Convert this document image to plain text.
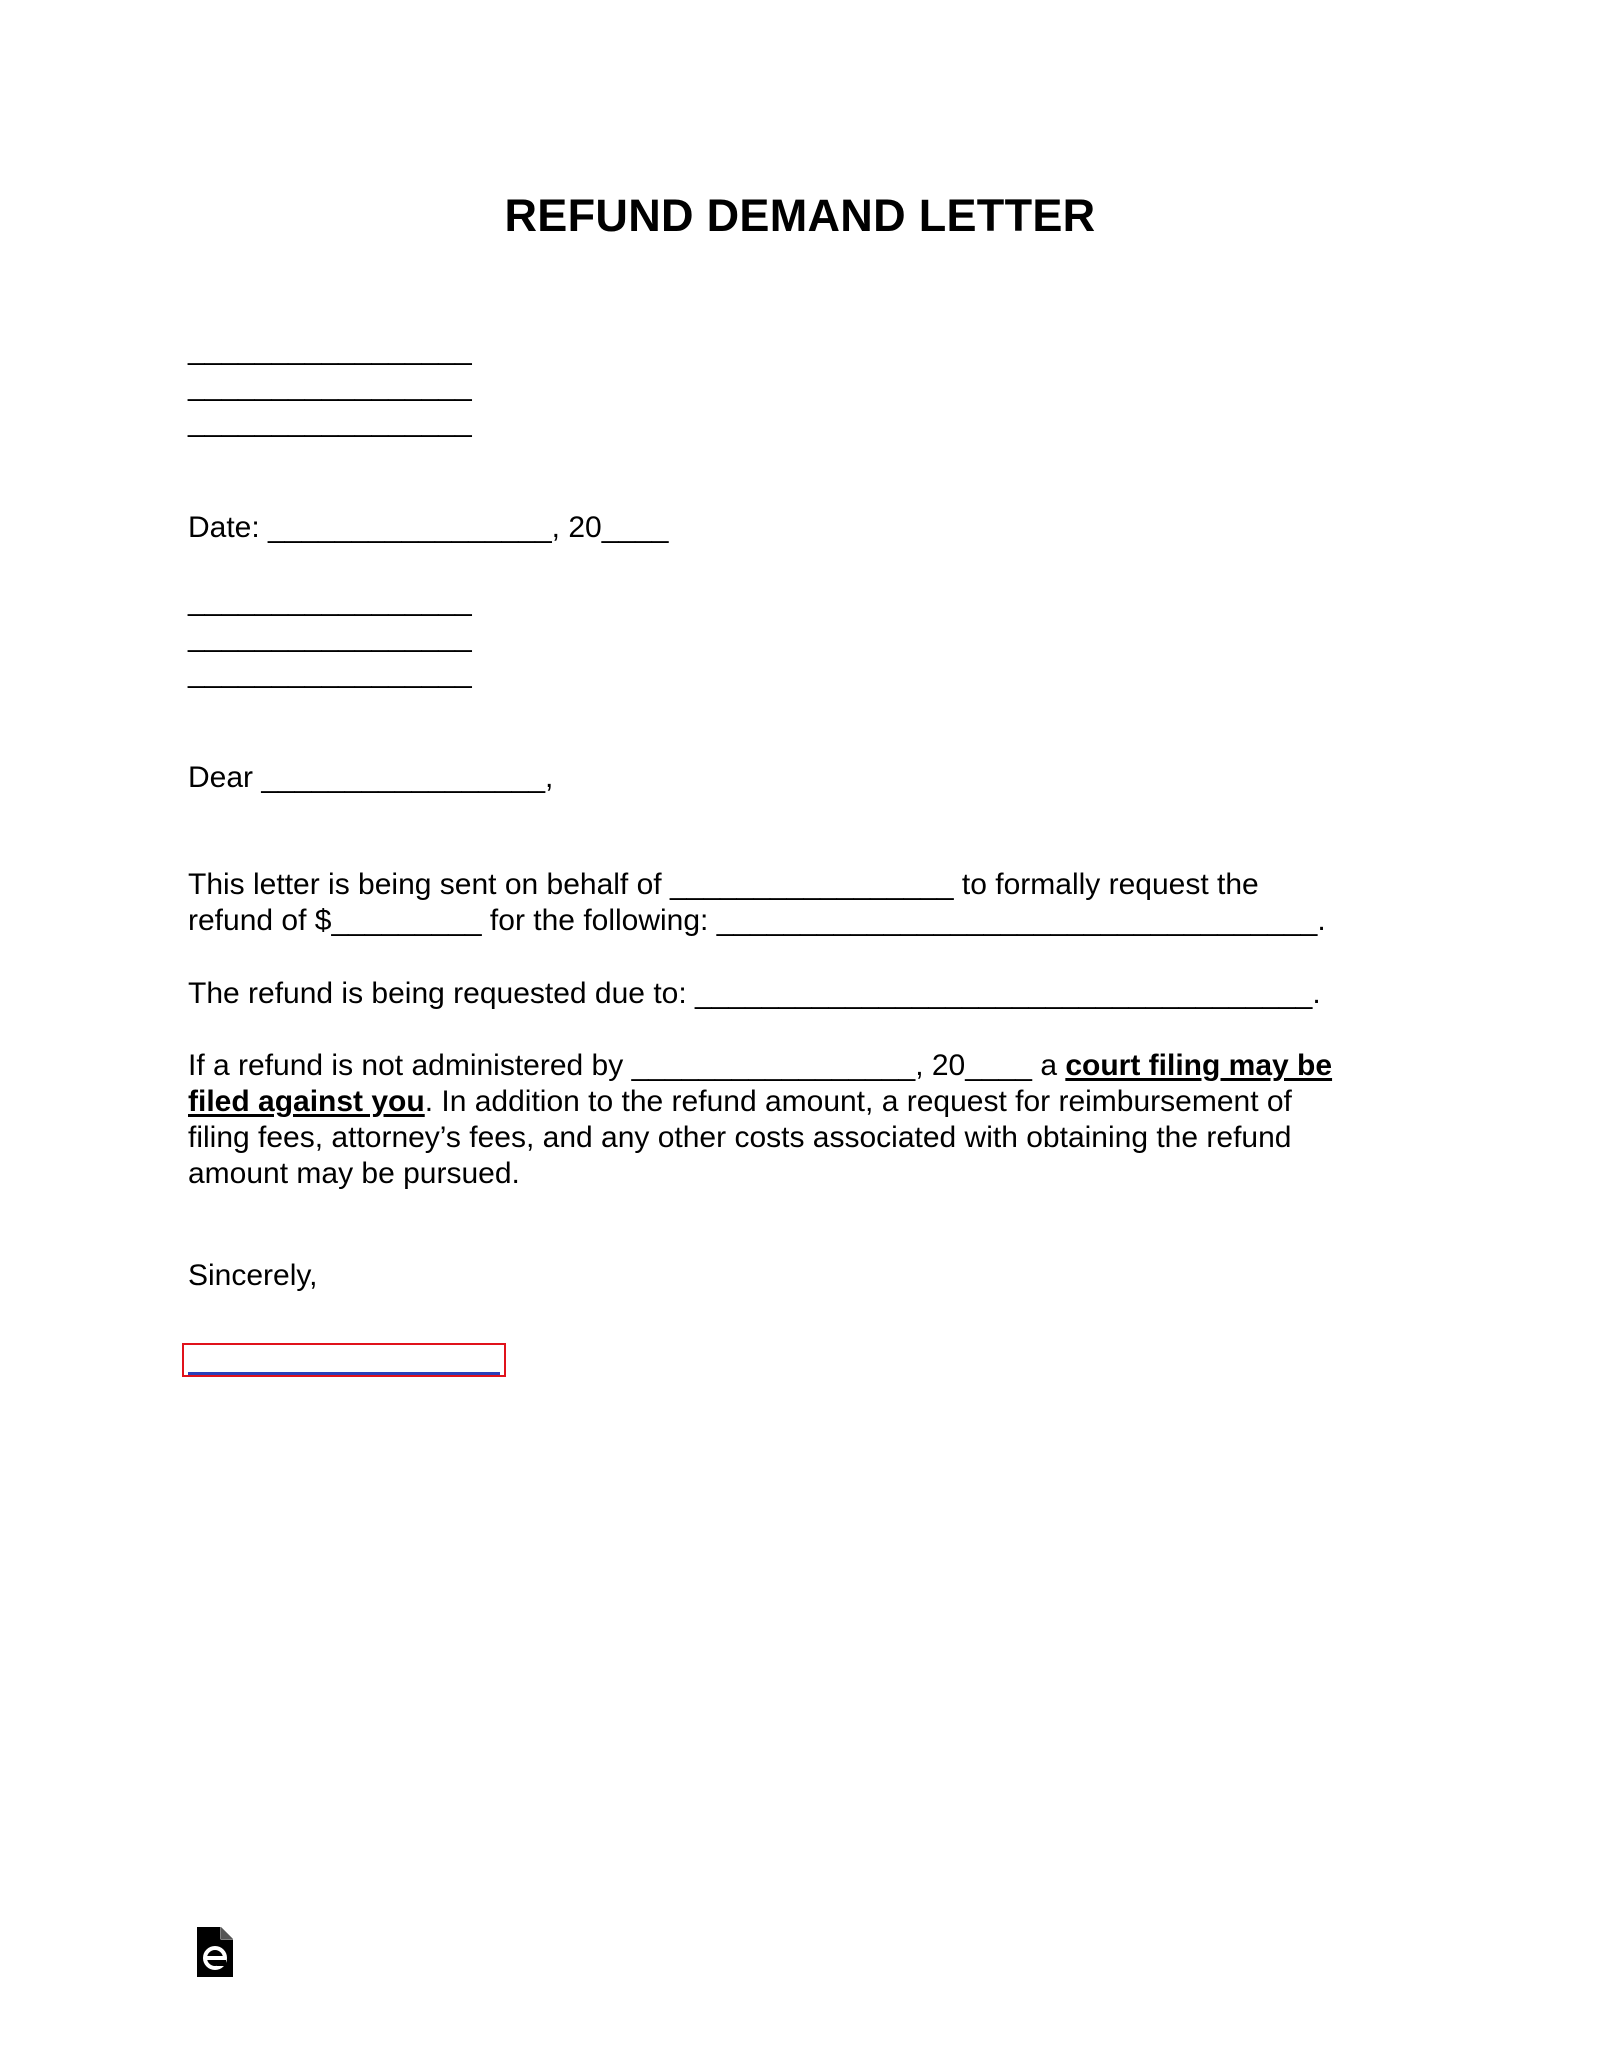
REFUND DEMAND LETTER
_________________
_________________
_________________
Date: _________________, 20____
_________________
_________________
_________________
Dear _________________,
This letter is being sent on behalf of _________________ to formally request the
refund of $_________ for the following: ____________________________________.
The refund is being requested due to: _____________________________________.
If a refund is not administered by _________________, 20____ a court filing may be
filed against you. In addition to the refund amount, a request for reimbursement of
filing fees, attorney’s fees, and any other costs associated with obtaining the refund
amount may be pursued.
Sincerely,
